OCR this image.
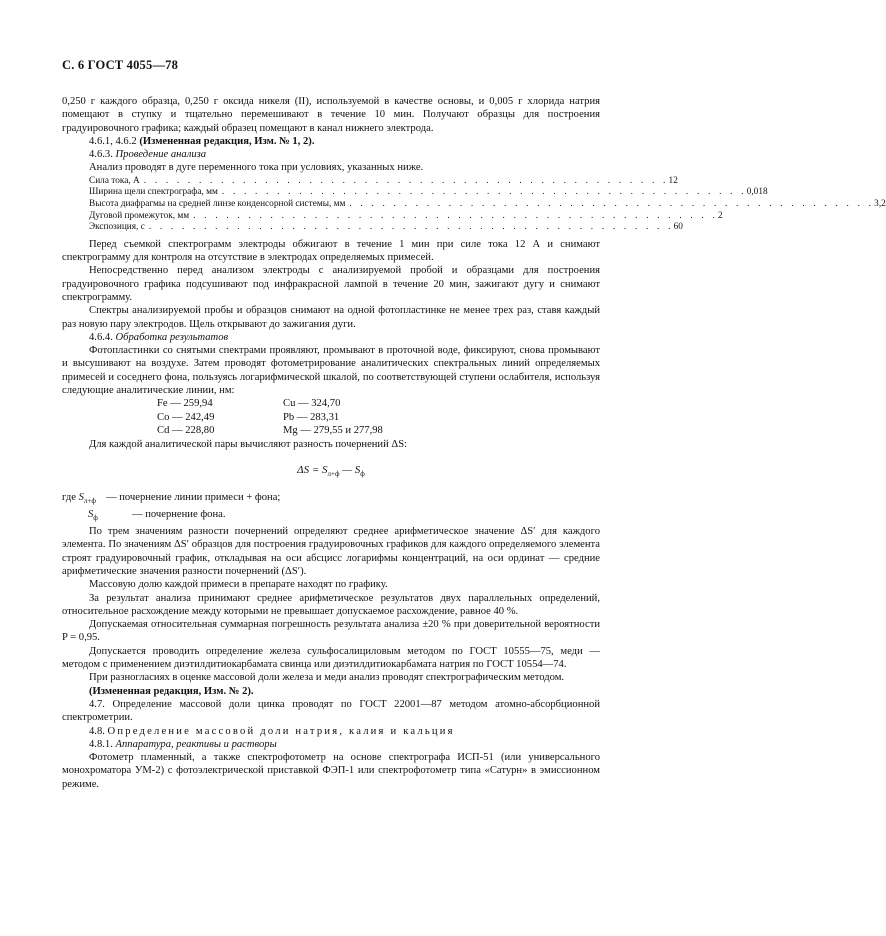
С. 6 ГОСТ 4055—78

0,250 г каждого образца, 0,250 г оксида никеля (II), используемой в качестве основы, и 0,005 г хлорида натрия помещают в ступку и тщательно перемешивают в течение 10 мин. Получают образцы для построения градуировочного графика; каждый образец помещают в канал нижнего электрода.

4.6.1, 4.6.2 (Измененная редакция, Изм. № 1, 2).

4.6.3. Проведение анализа

Анализ проводят в дуге переменного тока при условиях, указанных ниже.

Сила тока, А . . . . . . . . . . . . . . . . . . . . . . . . . . . . . . . . . . . . . . . . . . . . . . . . 12
Ширина щели спектрографа, мм . . . . . . . . . . . . . . . . . . . . . . . . . . . . . . . . . . . . . . . . . . . . . . . . 0,018
Высота диафрагмы на средней линзе конденсорной системы, мм . . . . . . . . . . . . . . . . . . . . . . . . . . . . . . . . . . . . . . . . . . . . . . . . 3,2
Дуговой промежуток, мм . . . . . . . . . . . . . . . . . . . . . . . . . . . . . . . . . . . . . . . . . . . . . . . . 2
Экспозиция, с . . . . . . . . . . . . . . . . . . . . . . . . . . . . . . . . . . . . . . . . . . . . . . . . 60

Перед съемкой спектрограмм электроды обжигают в течение 1 мин при силе тока 12 А и снимают спектрограмму для контроля на отсутствие в электродах определяемых примесей.

Непосредственно перед анализом электроды с анализируемой пробой и образцами для построения градуировочного графика подсушивают под инфракрасной лампой в течение 20 мин, зажигают дугу и снимают спектрограмму.

Спектры анализируемой пробы и образцов снимают на одной фотопластинке не менее трех раз, ставя каждый раз новую пару электродов. Щель открывают до зажигания дуги.

4.6.4. Обработка результатов

Фотопластинки со снятыми спектрами проявляют, промывают в проточной воде, фиксируют, снова промывают и высушивают на воздухе. Затем проводят фотометрирование аналитических спектральных линий определяемых примесей и соседнего фона, пользуясь логарифмической шкалой, по соответствующей ступени ослабителя, используя следующие аналитические линии, нм:

Fe — 259,94	Cu — 324,70
Co — 242,49	Pb — 283,31
Cd — 228,80	Mg — 279,55 и 277,98

Для каждой аналитической пары вычисляют разность почернений ΔS:

$\Delta S = S_{л+ф}$ — $S_ф$
где $S_{л+ф}$ — почернение линии примеси + фона;
$S_ф$	— почернение фона.

По трем значениям разности почернений определяют среднее арифметическое значение ΔS′ для каждого элемента. По значениям ΔS′ образцов для построения градуировочных графиков для каждого определяемого элемента строят градуировочный график, откладывая на оси абсцисс логарифмы концентраций, на оси ординат — средние арифметические значения разности почернений (ΔS′).

Массовую долю каждой примеси в препарате находят по графику.

За результат анализа принимают среднее арифметическое результатов двух параллельных определений, относительное расхождение между которыми не превышает допускаемое расхождение, равное 40 %.

Допускаемая относительная суммарная погрешность результата анализа ±20 % при доверительной вероятности P = 0,95.

Допускается проводить определение железа сульфосалициловым методом по ГОСТ 10555—75, меди — методом с применением диэтилдитиокарбамата свинца или диэтилдитиокарбамата натрия по ГОСТ 10554—74.

При разногласиях в оценке массовой доли железа и меди анализ проводят спектрографическим методом.

(Измененная редакция, Изм. № 2).

4.7. Определение массовой доли цинка проводят по ГОСТ 22001—87 методом атомно-абсорбционной спектрометрии.

4.8. Определение массовой доли натрия, калия и кальция

4.8.1. Аппаратура, реактивы и растворы

Фотометр пламенный, а также спектрофотометр на основе спектрографа ИСП-51 (или универсального монохроматора УМ-2) с фотоэлектрической приставкой ФЭП-1 или спектрофотометр типа «Сатурн» в эмиссионном режиме.
